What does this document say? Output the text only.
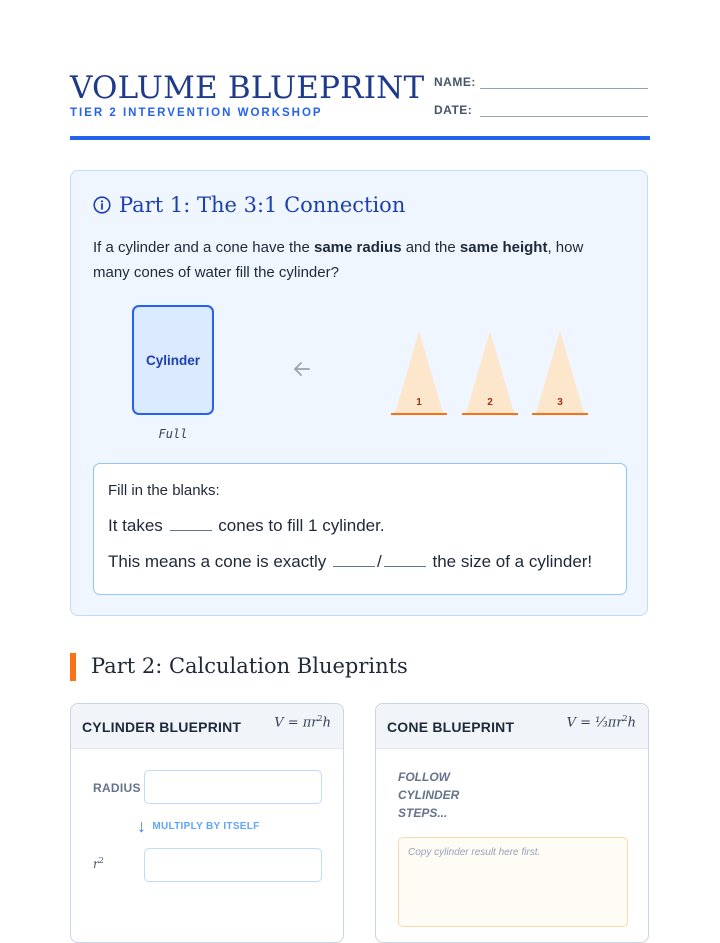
VOLUME BLUEPRINT
TIER 2 INTERVENTION WORKSHOP
NAME:
DATE:
Part 1: The 3:1 Connection
If a cylinder and a cone have the same radius and the same height, how many cones of water fill the cylinder?
Cylinder
Full
1	2	3
Fill in the blanks:
It takes	cones to fill 1 cylinder.
This means a cone is exactly	/	the size of a cylinder!
Part 2: Calculation Blueprints
CYLINDER BLUEPRINT	$V = \pi r^2h$
RADIUS
↓ MULTIPLY BY ITSELF
$r^2$
CONE BLUEPRINT	$V = \frac{1}{3}\pi r^2h$
FOLLOW CYLINDER STEPS...
Copy cylinder result here first.
